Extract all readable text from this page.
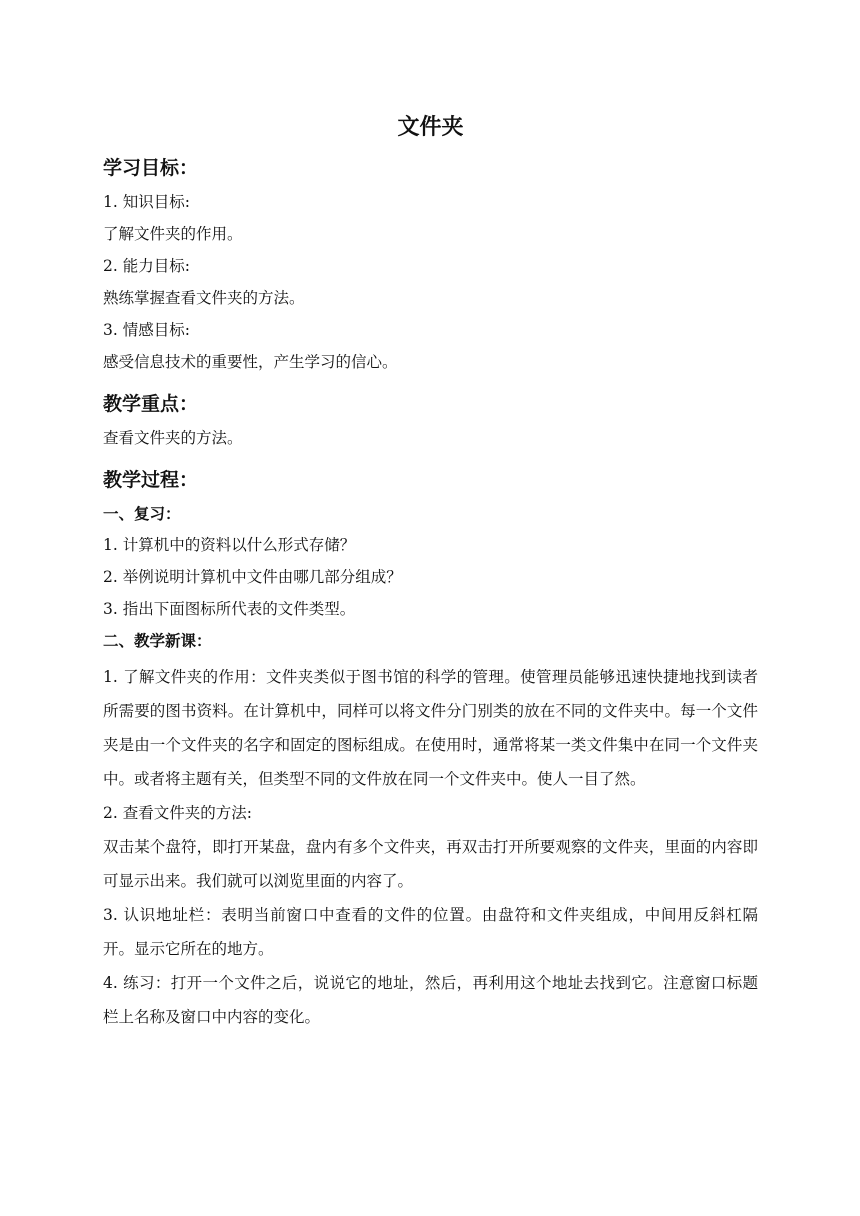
文件夹
学习目标：
1. 知识目标:
了解文件夹的作用。
2. 能力目标:
熟练掌握查看文件夹的方法。
3. 情感目标:
感受信息技术的重要性，产生学习的信心。
教学重点：
查看文件夹的方法。
教学过程：
一、复习：
1. 计算机中的资料以什么形式存储？
2. 举例说明计算机中文件由哪几部分组成？
3. 指出下面图标所代表的文件类型。
二、教学新课：
1. 了解文件夹的作用：文件夹类似于图书馆的科学的管理。使管理员能够迅速快捷地找到读者所需要的图书资料。在计算机中，同样可以将文件分门别类的放在不同的文件夹中。每一个文件夹是由一个文件夹的名字和固定的图标组成。在使用时，通常将某一类文件集中在同一个文件夹中。或者将主题有关，但类型不同的文件放在同一个文件夹中。使人一目了然。
2. 查看文件夹的方法:
双击某个盘符，即打开某盘，盘内有多个文件夹，再双击打开所要观察的文件夹，里面的内容即可显示出来。我们就可以浏览里面的内容了。
3. 认识地址栏：表明当前窗口中查看的文件的位置。由盘符和文件夹组成，中间用反斜杠隔开。显示它所在的地方。
4. 练习：打开一个文件之后，说说它的地址，然后，再利用这个地址去找到它。注意窗口标题栏上名称及窗口中内容的变化。
